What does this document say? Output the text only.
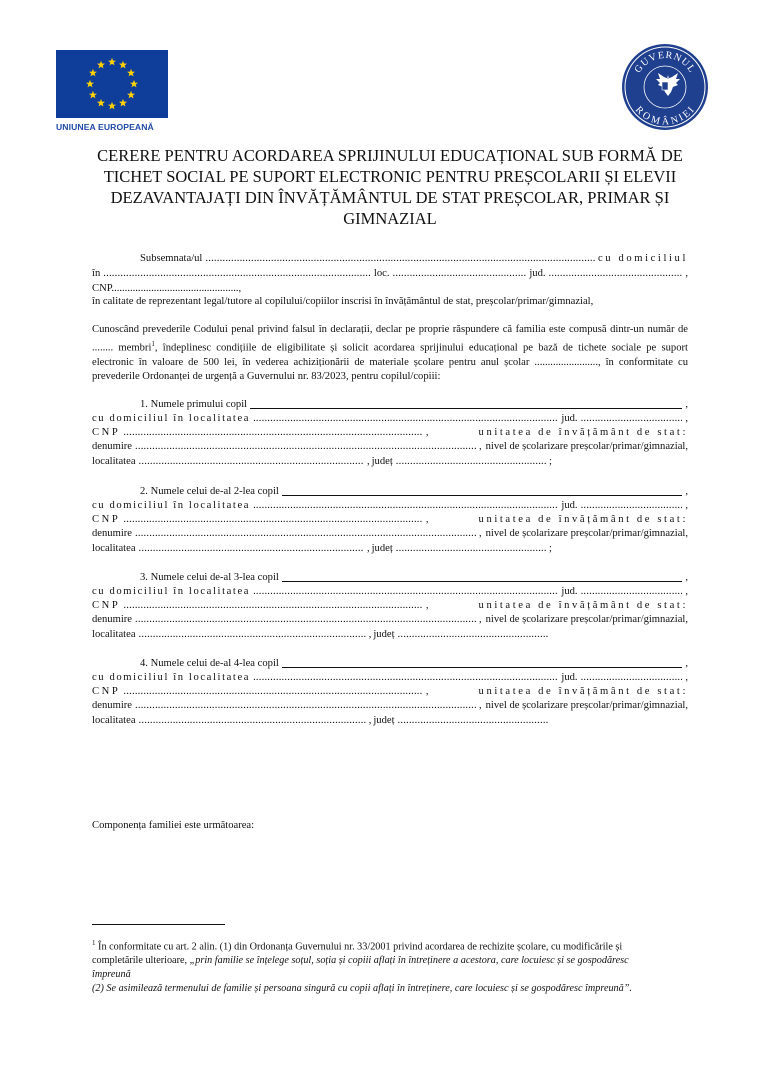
UNIUNEA EUROPEANĂ
GUVERNUL
ROMÂNIEI
CERERE PENTRU ACORDAREA SPRIJINULUI EDUCAȚIONAL SUB FORMĂ DE
TICHET SOCIAL PE SUPORT ELECTRONIC PENTRU PREȘCOLARII ȘI ELEVII
DEZAVANTAJAȚI DIN ÎNVĂȚĂMÂNTUL DE STAT PREȘCOLAR, PRIMAR ȘI
GIMNAZIAL
Subsemnata/ul .....	cu domiciliul
în .....	loc. .....	jud. .....	,
CNP................................................,
în calitate de reprezentant legal/tutore al copilului/copiilor inscrisi în învățământul de stat, preșcolar/primar/gimnazial,
Cunoscând prevederile Codului penal privind falsul în declarații, declar pe proprie răspundere că familia este compusă dintr-un număr de ........ membri$^1$, îndeplinesc condițiile de eligibilitate și solicit acordarea sprijinului educațional pe bază de tichete sociale pe suport electronic în valoare de 500 lei, în vederea achiziționării de materiale școlare pentru anul școlar ........................, în conformitate cu prevederile Ordonanței de urgență a Guvernului nr. 83/2023, pentru copilul/copiii:
1. Numele primului copil	,
cu domiciliul în localitatea .....	jud. .....	,
CNP .....	,	unitatea de învățământ de stat:
denumire .....	, nivel de școlarizare preșcolar/primar/gimnazial,
localitatea .....	, județ .....	;
2. Numele celui de-al 2-lea copil	,
cu domiciliul în localitatea .....	jud. .....	,
CNP .....	,	unitatea de învățământ de stat:
denumire .....	, nivel de școlarizare preșcolar/primar/gimnazial,
localitatea .....	, județ .....	;
3. Numele celui de-al 3-lea copil	,
cu domiciliul în localitatea .....	jud. .....	,
CNP .....	,	unitatea de învățământ de stat:
denumire .....	, nivel de școlarizare preșcolar/primar/gimnazial,
localitatea .....	, județ
.....
4. Numele celui de-al 4-lea copil	,
cu domiciliul în localitatea .....	jud. .....	,
CNP .....	,	unitatea de învățământ de stat:
denumire .....	, nivel de școlarizare preșcolar/primar/gimnazial,
localitatea .....	, județ
.....
Componența familiei este următoarea:
$^1$ În conformitate cu art. 2 alin. (1) din Ordonanța Guvernului nr. 33/2001 privind acordarea de rechizite școlare, cu modificările și completările ulterioare, „prin familie se înțelege soțul, soția și copiii aflați în întreținere a acestora, care locuiesc și se gospodăresc împreună
(2) Se asimilează termenului de familie și persoana singură cu copii aflați în întreținere, care locuiesc și se gospodăresc împreună”.
